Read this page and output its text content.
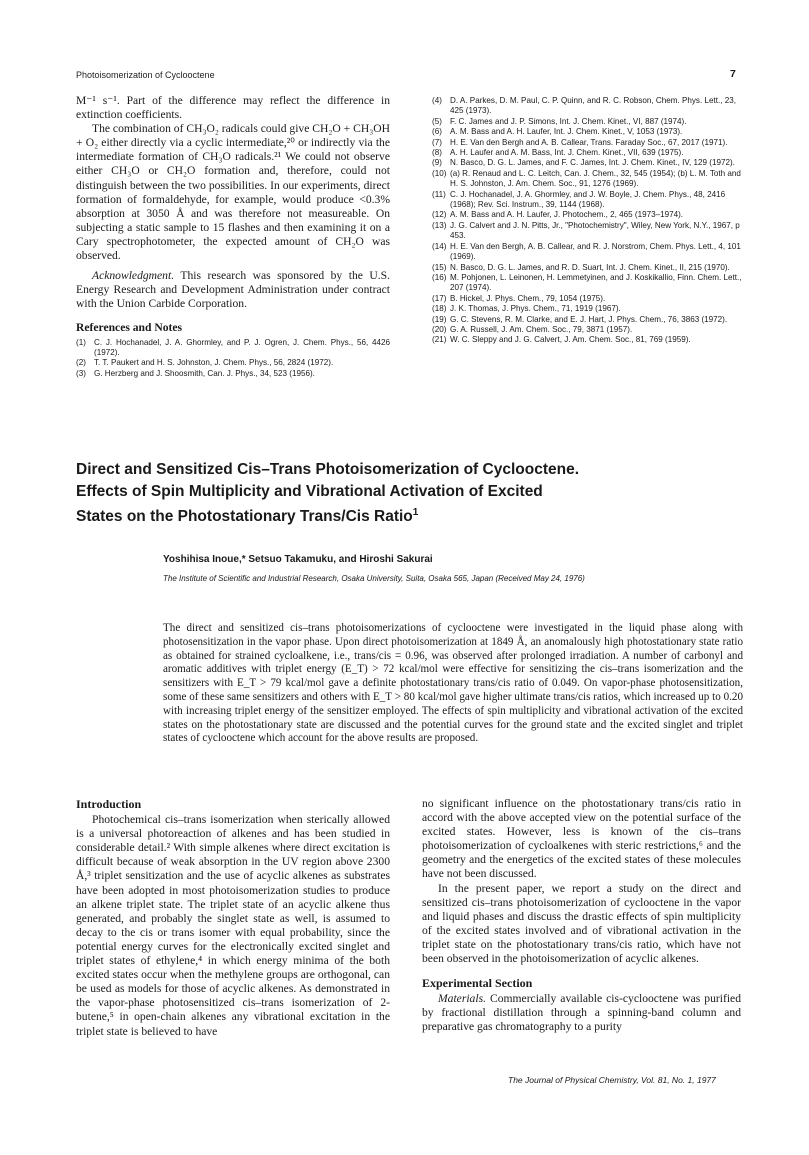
Photoisomerization of Cyclooctene	7

M⁻¹ s⁻¹. Part of the difference may reflect the difference in extinction coefficients.

The combination of CH₃O₂ radicals could give CH₂O + CH₃OH + O₂ either directly via a cyclic intermediate,²⁰ or indirectly via the intermediate formation of CH₃O radicals.²¹ We could not observe either CH₃O or CH₂O formation and, therefore, could not distinguish between the two possibilities. In our experiments, direct formation of formaldehyde, for example, would produce <0.3% absorption at 3050 Å and was therefore not measureable. On subjecting a static sample to 15 flashes and then examining it on a Cary spectrophotometer, the expected amount of CH₂O was observed.

Acknowledgment. This research was sponsored by the U.S. Energy Research and Development Administration under contract with the Union Carbide Corporation.

References and Notes
(1) C. J. Hochanadel, J. A. Ghormley, and P. J. Ogren, J. Chem. Phys., 56, 4426 (1972).
(2) T. T. Paukert and H. S. Johnston, J. Chem. Phys., 56, 2824 (1972).
(3) G. Herzberg and J. Shoosmith, Can. J. Phys., 34, 523 (1956).
(4) D. A. Parkes, D. M. Paul, C. P. Quinn, and R. C. Robson, Chem. Phys. Lett., 23, 425 (1973).
(5) F. C. James and J. P. Simons, Int. J. Chem. Kinet., VI, 887 (1974).
(6) A. M. Bass and A. H. Laufer, Int. J. Chem. Kinet., V, 1053 (1973).
(7) H. E. Van den Bergh and A. B. Callear, Trans. Faraday Soc., 67, 2017 (1971).
(8) A. H. Laufer and A. M. Bass, Int. J. Chem. Kinet., VII, 639 (1975).
(9) N. Basco, D. G. L. James, and F. C. James, Int. J. Chem. Kinet., IV, 129 (1972).
(10) (a) R. Renaud and L. C. Leitch, Can. J. Chem., 32, 545 (1954); (b) L. M. Toth and H. S. Johnston, J. Am. Chem. Soc., 91, 1276 (1969).
(11) C. J. Hochanadel, J. A. Ghormley, and J. W. Boyle, J. Chem. Phys., 48, 2416 (1968); Rev. Sci. Instrum., 39, 1144 (1968).
(12) A. M. Bass and A. H. Laufer, J. Photochem., 2, 465 (1973–1974).
(13) J. G. Calvert and J. N. Pitts, Jr., "Photochemistry", Wiley, New York, N.Y., 1967, p 453.
(14) H. E. Van den Bergh, A. B. Callear, and R. J. Norstrom, Chem. Phys. Lett., 4, 101 (1969).
(15) N. Basco, D. G. L. James, and R. D. Suart, Int. J. Chem. Kinet., II, 215 (1970).
(16) M. Pohjonen, L. Leinonen, H. Lemmetyinen, and J. Koskikallio, Finn. Chem. Lett., 207 (1974).
(17) B. Hickel, J. Phys. Chem., 79, 1054 (1975).
(18) J. K. Thomas, J. Phys. Chem., 71, 1919 (1967).
(19) G. C. Stevens, R. M. Clarke, and E. J. Hart, J. Phys. Chem., 76, 3863 (1972).
(20) G. A. Russell, J. Am. Chem. Soc., 79, 3871 (1957).
(21) W. C. Sleppy and J. G. Calvert, J. Am. Chem. Soc., 81, 769 (1959).
Direct and Sensitized Cis–Trans Photoisomerization of Cyclooctene.
Effects of Spin Multiplicity and Vibrational Activation of Excited
States on the Photostationary Trans/Cis Ratio$^1$
Yoshihisa Inoue,* Setsuo Takamuku, and Hiroshi Sakurai
The Institute of Scientific and Industrial Research, Osaka University, Suita, Osaka 565, Japan (Received May 24, 1976)
The direct and sensitized cis–trans photoisomerizations of cyclooctene were investigated in the liquid phase along with photosensitization in the vapor phase. Upon direct photoisomerization at 1849 Å, an anomalously high photostationary state ratio as obtained for strained cycloalkene, i.e., trans/cis = 0.96, was observed after prolonged irradiation. A number of carbonyl and aromatic additives with triplet energy (E_T) > 72 kcal/mol were effective for sensitizing the cis–trans isomerization and the sensitizers with E_T > 79 kcal/mol gave a definite photostationary trans/cis ratio of 0.049. On vapor-phase photosensitization, some of these same sensitizers and others with E_T > 80 kcal/mol gave higher ultimate trans/cis ratios, which increased up to 0.20 with increasing triplet energy of the sensitizer employed. The effects of spin multiplicity and vibrational activation of the excited states on the photostationary state are discussed and the potential curves for the ground state and the excited singlet and triplet states of cyclooctene which account for the above results are proposed.
Introduction

Photochemical cis–trans isomerization when sterically allowed is a universal photoreaction of alkenes and has been studied in considerable detail.² With simple alkenes where direct excitation is difficult because of weak absorption in the UV region above 2300 Å,³ triplet sensitization and the use of acyclic alkenes as substrates have been adopted in most photoisomerization studies to produce an alkene triplet state. The triplet state of an acyclic alkene thus generated, and probably the singlet state as well, is assumed to decay to the cis or trans isomer with equal probability, since the potential energy curves for the electronically excited singlet and triplet states of ethylene,⁴ in which energy minima of the both excited states occur when the methylene groups are orthogonal, can be used as models for those of acyclic alkenes. As demonstrated in the vapor-phase photosensitized cis–trans isomerization of 2-butene,⁵ in open-chain alkenes any vibrational excitation in the triplet state is believed to have

no significant influence on the photostationary trans/cis ratio in accord with the above accepted view on the potential surface of the excited states. However, less is known of the cis–trans photoisomerization of cycloalkenes with steric restrictions,⁶ and the geometry and the energetics of the excited states of these molecules have not been discussed.

In the present paper, we report a study on the direct and sensitized cis–trans photoisomerization of cyclooctene in the vapor and liquid phases and discuss the drastic effects of spin multiplicity of the excited states involved and of vibrational activation in the triplet state on the photostationary trans/cis ratio, which have not been observed in the photoisomerization of acyclic alkenes.

Experimental Section

Materials. Commercially available cis-cyclooctene was purified by fractional distillation through a spinning-band column and preparative gas chromatography to a purity

The Journal of Physical Chemistry, Vol. 81, No. 1, 1977
